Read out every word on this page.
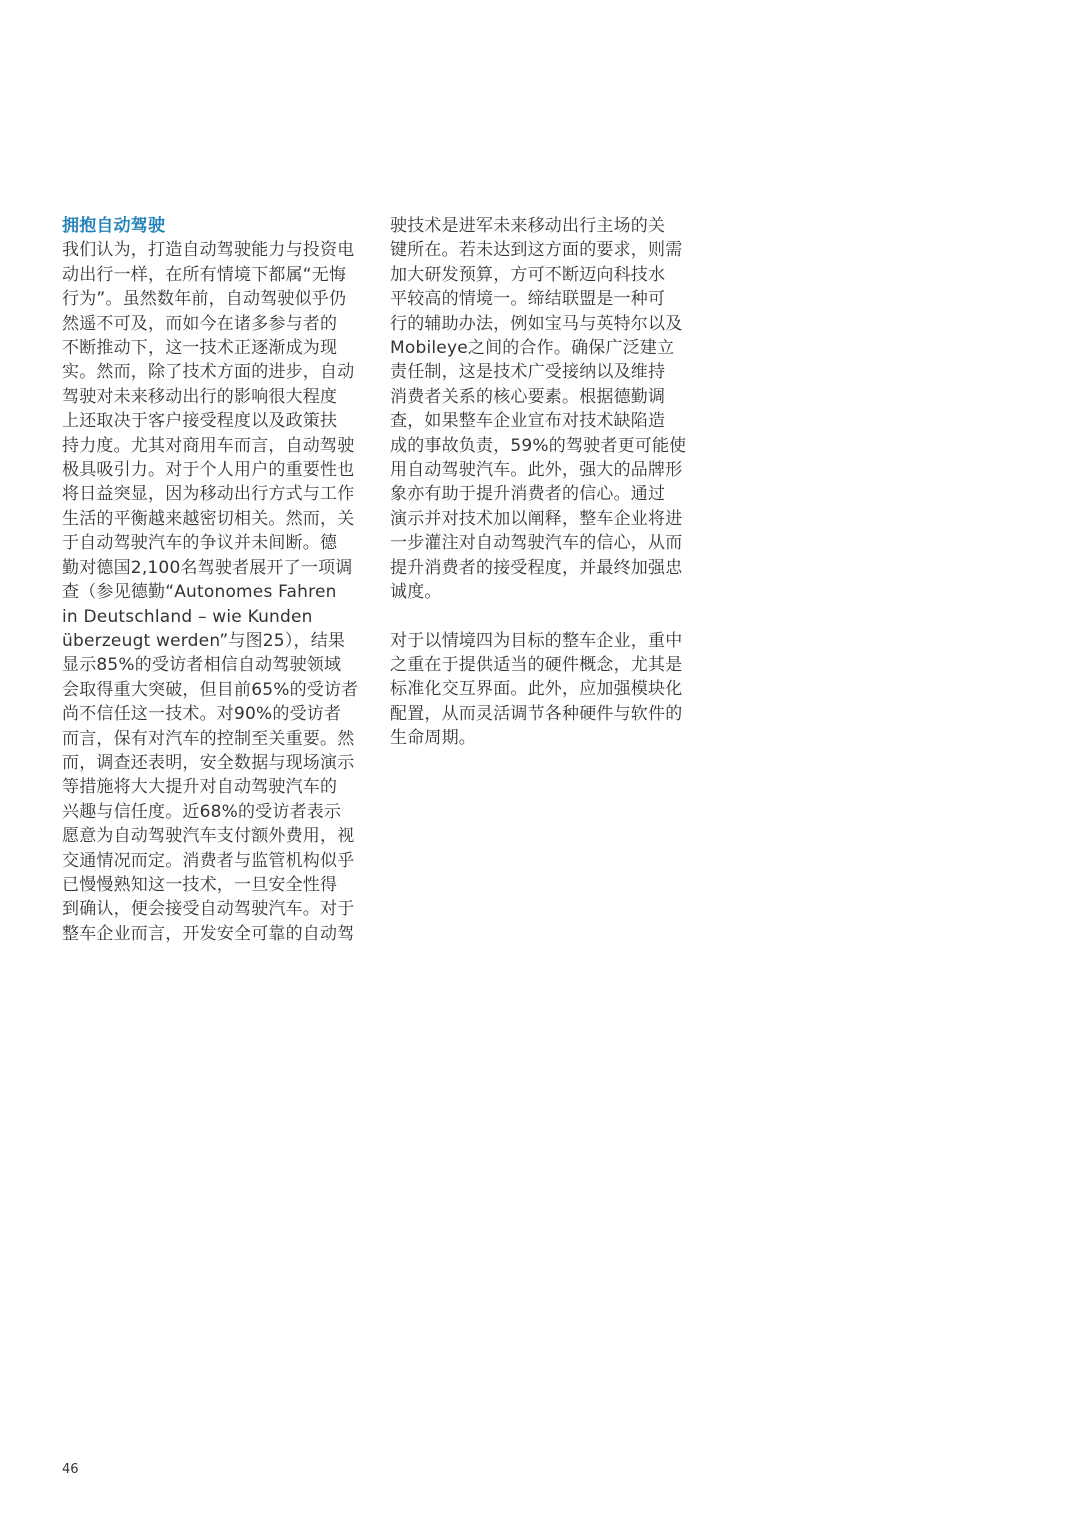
拥抱自动驾驶
我们认为，打造自动驾驶能力与投资电
动出行一样，在所有情境下都属“无悔
行为”。虽然数年前，自动驾驶似乎仍
然遥不可及，而如今在诸多参与者的
不断推动下，这一技术正逐渐成为现
实。然而，除了技术方面的进步，自动
驾驶对未来移动出行的影响很大程度
上还取决于客户接受程度以及政策扶
持力度。尤其对商用车而言，自动驾驶
极具吸引力。对于个人用户的重要性也
将日益突显，因为移动出行方式与工作
生活的平衡越来越密切相关。然而，关
于自动驾驶汽车的争议并未间断。德
勤对德国2,100名驾驶者展开了一项调
查（参见德勤“Autonomes Fahren
in Deutschland – wie Kunden
überzeugt werden”与图25），结果
显示85%的受访者相信自动驾驶领域
会取得重大突破，但目前65%的受访者
尚不信任这一技术。对90%的受访者
而言，保有对汽车的控制至关重要。然
而，调查还表明，安全数据与现场演示
等措施将大大提升对自动驾驶汽车的
兴趣与信任度。近68%的受访者表示
愿意为自动驾驶汽车支付额外费用，视
交通情况而定。消费者与监管机构似乎
已慢慢熟知这一技术，一旦安全性得
到确认，便会接受自动驾驶汽车。对于
整车企业而言，开发安全可靠的自动驾
驶技术是进军未来移动出行主场的关
键所在。若未达到这方面的要求，则需
加大研发预算，方可不断迈向科技水
平较高的情境一。缔结联盟是一种可
行的辅助办法，例如宝马与英特尔以及
Mobileye之间的合作。确保广泛建立
责任制，这是技术广受接纳以及维持
消费者关系的核心要素。根据德勤调
查，如果整车企业宣布对技术缺陷造
成的事故负责，59%的驾驶者更可能使
用自动驾驶汽车。此外，强大的品牌形
象亦有助于提升消费者的信心。通过
演示并对技术加以阐释，整车企业将进
一步灌注对自动驾驶汽车的信心，从而
提升消费者的接受程度，并最终加强忠
诚度。
对于以情境四为目标的整车企业，重中
之重在于提供适当的硬件概念，尤其是
标准化交互界面。此外，应加强模块化
配置，从而灵活调节各种硬件与软件的
生命周期。
46
